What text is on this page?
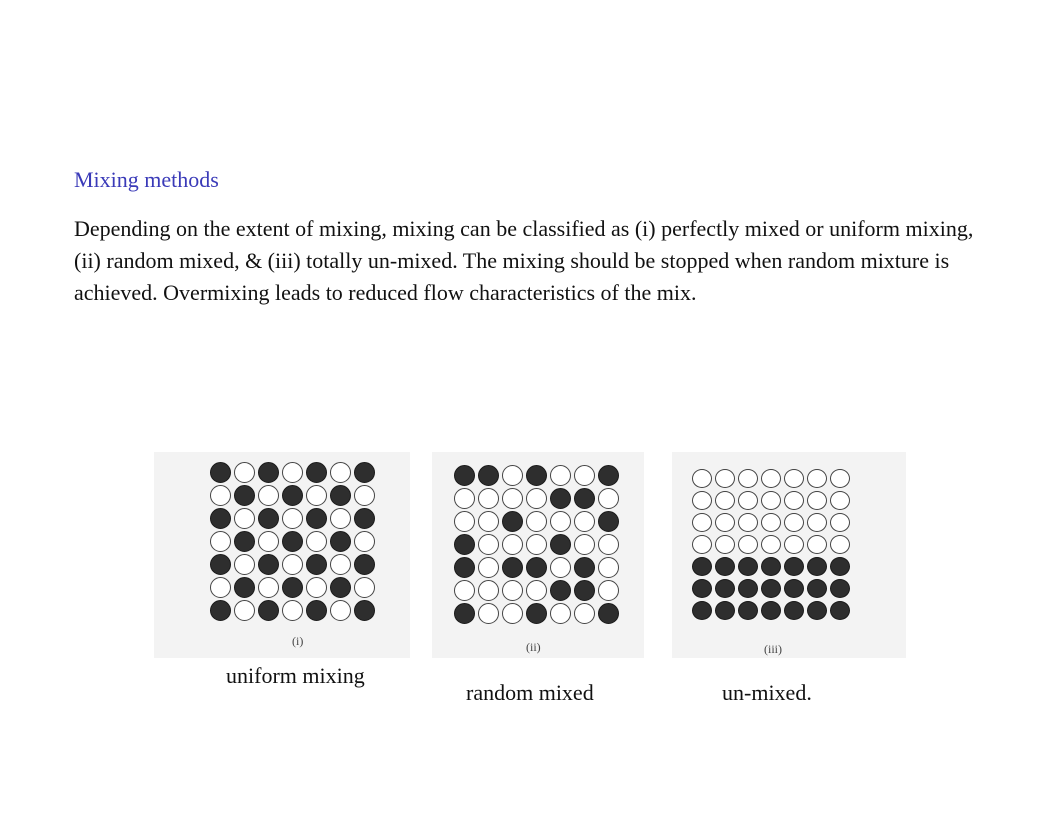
Mixing methods

Depending on the extent of mixing, mixing can be classified as (i) perfectly mixed or uniform mixing, (ii) random mixed, & (iii) totally un-mixed. The mixing should be stopped when random mixture is achieved. Overmixing leads to reduced flow characteristics of the mix.

(i)	(ii)	(iii)

uniform mixing

random mixed	un-mixed.
